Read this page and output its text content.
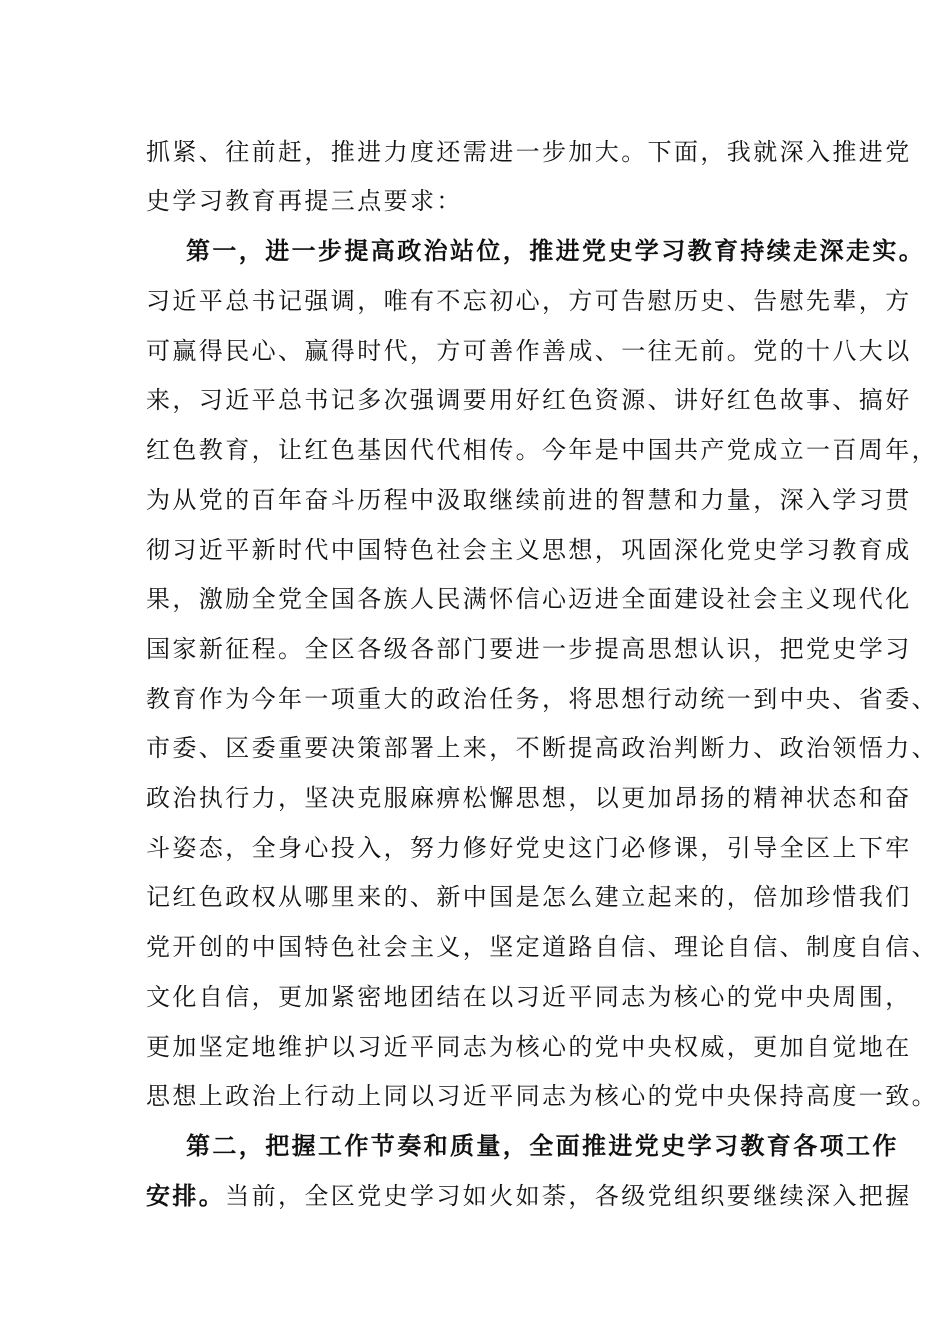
抓紧、往前赶，推进力度还需进一步加大。下面，我就深入推进党
史学习教育再提三点要求：
第一，进一步提高政治站位，推进党史学习教育持续走深走实。
习近平总书记强调，唯有不忘初心，方可告慰历史、告慰先辈，方
可赢得民心、赢得时代，方可善作善成、一往无前。党的十八大以
来，习近平总书记多次强调要用好红色资源、讲好红色故事、搞好
红色教育，让红色基因代代相传。今年是中国共产党成立一百周年，
为从党的百年奋斗历程中汲取继续前进的智慧和力量，深入学习贯
彻习近平新时代中国特色社会主义思想，巩固深化党史学习教育成
果，激励全党全国各族人民满怀信心迈进全面建设社会主义现代化
国家新征程。全区各级各部门要进一步提高思想认识，把党史学习
教育作为今年一项重大的政治任务，将思想行动统一到中央、省委、
市委、区委重要决策部署上来，不断提高政治判断力、政治领悟力、
政治执行力，坚决克服麻痹松懈思想，以更加昂扬的精神状态和奋
斗姿态，全身心投入，努力修好党史这门必修课，引导全区上下牢
记红色政权从哪里来的、新中国是怎么建立起来的，倍加珍惜我们
党开创的中国特色社会主义，坚定道路自信、理论自信、制度自信、
文化自信，更加紧密地团结在以习近平同志为核心的党中央周围，
更加坚定地维护以习近平同志为核心的党中央权威，更加自觉地在
思想上政治上行动上同以习近平同志为核心的党中央保持高度一致。
第二，把握工作节奏和质量，全面推进党史学习教育各项工作
安排。当前，全区党史学习如火如荼，各级党组织要继续深入把握
